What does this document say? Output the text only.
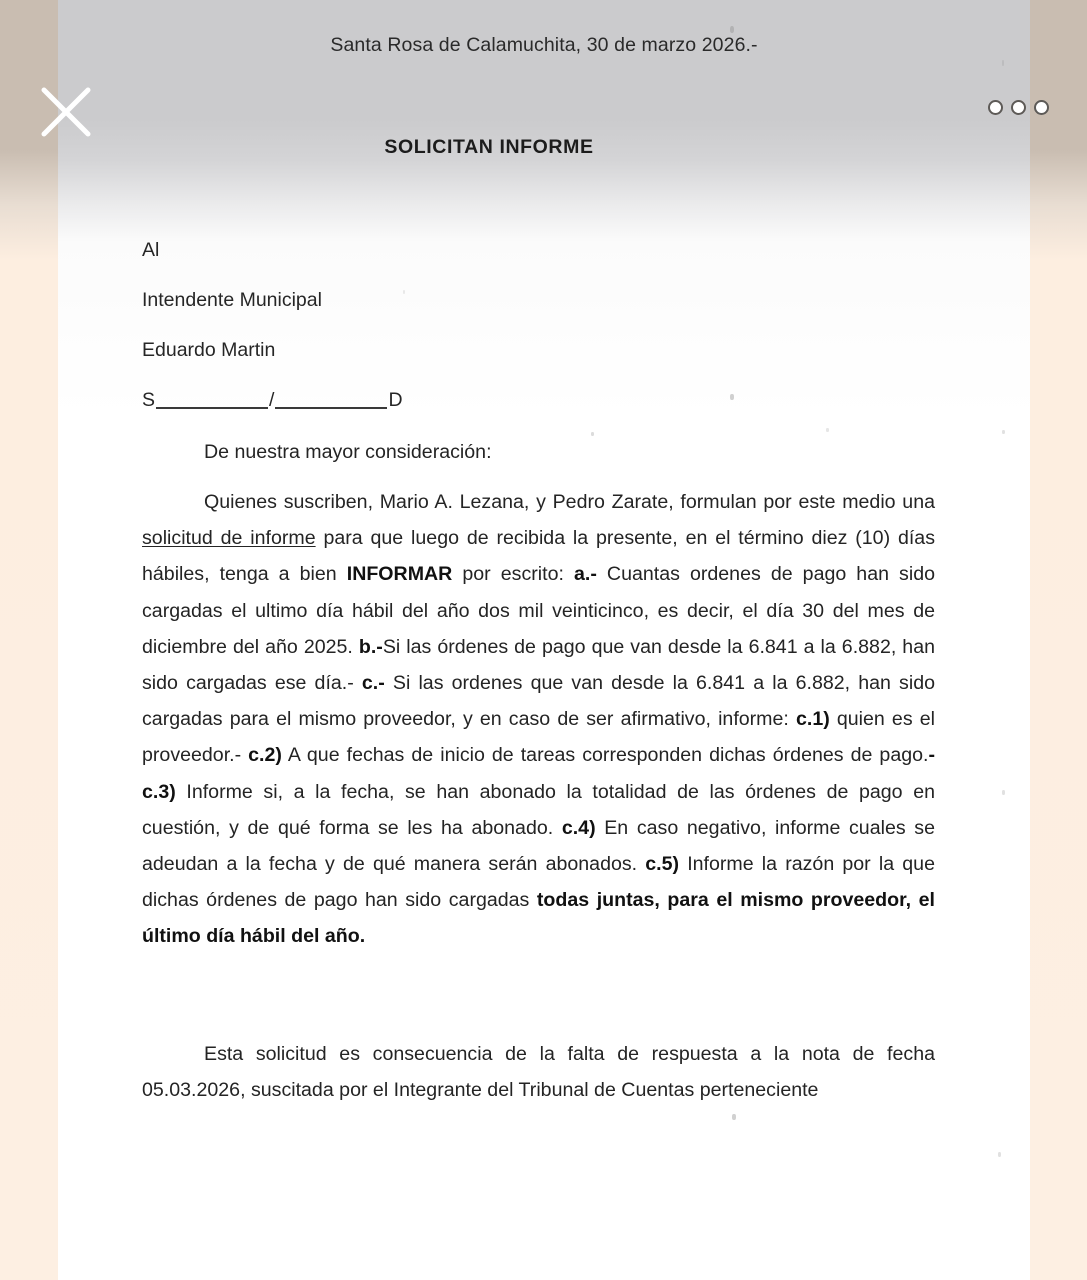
Santa Rosa de Calamuchita, 30 de marzo 2026.-
SOLICITAN INFORME

Al

Intendente Municipal

Eduardo Martin

S	/	D

De nuestra mayor consideración:
Quienes suscriben, Mario A. Lezana, y Pedro Zarate, formulan por este medio una solicitud de informe para que luego de recibida la presente, en el término diez (10) días hábiles, tenga a bien INFORMAR por escrito: a.- Cuantas ordenes de pago han sido cargadas el ultimo día hábil del año dos mil veinticinco, es decir, el día 30 del mes de diciembre del año 2025. b.-Si las órdenes de pago que van desde la 6.841 a la 6.882, han sido cargadas ese día.- c.- Si las ordenes que van desde la 6.841 a la 6.882, han sido cargadas para el mismo proveedor, y en caso de ser afirmativo, informe: c.1) quien es el proveedor.- c.2) A que fechas de inicio de tareas corresponden dichas órdenes de pago.- c.3) Informe si, a la fecha, se han abonado la totalidad de las órdenes de pago en cuestión, y de qué forma se les ha abonado. c.4) En caso negativo, informe cuales se adeudan a la fecha y de qué manera serán abonados. c.5) Informe la razón por la que dichas órdenes de pago han sido cargadas todas juntas, para el mismo proveedor, el último día hábil del año.
Esta solicitud es consecuencia de la falta de respuesta a la nota de fecha 05.03.2026, suscitada por el Integrante del Tribunal de Cuentas perteneciente
